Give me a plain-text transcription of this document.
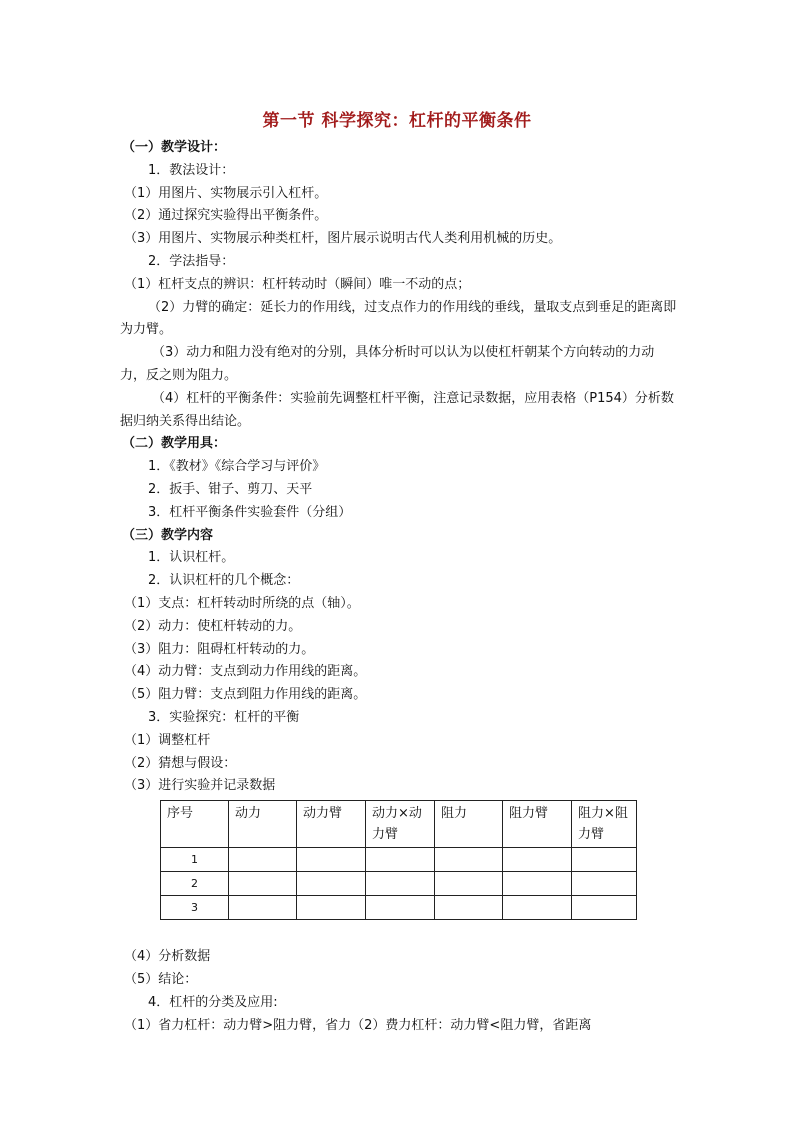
第一节 科学探究：杠杆的平衡条件
（一）教学设计：
1．教法设计：
（1）用图片、实物展示引入杠杆。
（2）通过探究实验得出平衡条件。
（3）用图片、实物展示种类杠杆，图片展示说明古代人类利用机械的历史。
2．学法指导：
（1）杠杆支点的辨识：杠杆转动时（瞬间）唯一不动的点；
（2）力臂的确定：延长力的作用线，过支点作力的作用线的垂线，量取支点到垂足的距离即为力臂。
（3）动力和阻力没有绝对的分别，具体分析时可以认为以使杠杆朝某个方向转动的力动力，反之则为阻力。
（4）杠杆的平衡条件：实验前先调整杠杆平衡，注意记录数据，应用表格（P154）分析数据归纳关系得出结论。
（二）教学用具：
1．《教材》《综合学习与评价》
2．扳手、钳子、剪刀、天平
3．杠杆平衡条件实验套件（分组）
（三）教学内容
1．认识杠杆。
2．认识杠杆的几个概念：
（1）支点：杠杆转动时所绕的点（轴）。
（2）动力：使杠杆转动的力。
（3）阻力：阻碍杠杆转动的力。
（4）动力臂：支点到动力作用线的距离。
（5）阻力臂：支点到阻力作用线的距离。
3．实验探究：杠杆的平衡
（1）调整杠杆
（2）猜想与假设：
（3）进行实验并记录数据
序号	动力	动力臂	动力×动力臂	阻力	阻力臂	阻力×阻力臂
1						
2						
3						
（4）分析数据
（5）结论：
4．杠杆的分类及应用:
（1）省力杠杆：动力臂>阻力臂，省力（2）费力杠杆：动力臂<阻力臂，省距离
